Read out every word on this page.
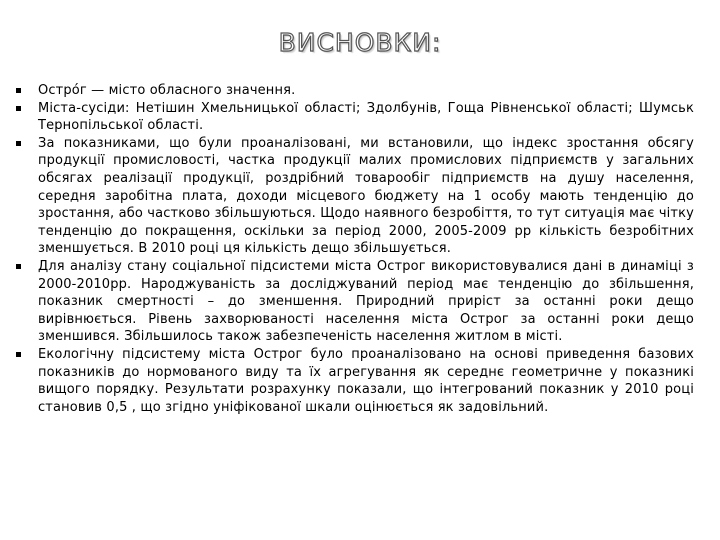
ВИСНОВКИ:
Остро́г — місто обласного значення.
Міста-сусіди: Нетішин Хмельницької області; Здолбунів, Гоща Рівненської області; Шумськ Тернопільської області.
За показниками, що були проаналізовані, ми встановили, що індекс зростання обсягу продукції промисловості, частка продукції малих промислових підприємств у загальних обсягах реалізації продукції, роздрібний товарообіг підприємств на душу населення, середня заробітна плата, доходи місцевого бюджету на 1 особу мають тенденцію до зростання, або частково збільшуються. Щодо наявного безробіття, то тут ситуація має чітку тенденцію до покращення, оскільки за період 2000, 2005-2009 рр кількість безробітних зменшується. В 2010 році ця кількість дещо збільшується.
Для аналізу стану соціальної підсистеми міста Острог використовувалися дані в динаміці з 2000-2010рр. Народжуваність за досліджуваний період має тенденцію до збільшення, показник смертності – до зменшення. Природний приріст за останні роки дещо вирівнюється. Рівень захворюваності населення міста Острог за останні роки дещо зменшився. Збільшилось також забезпеченість населення житлом в місті.
Екологічну підсистему міста Острог було проаналізовано на основі приведення базових показників до нормованого виду та їх агрегування як середнє геометричне у показникі вищого порядку. Результати розрахунку показали, що інтегрований показник у 2010 році становив 0,5 , що згідно уніфікованої шкали оцінюється як задовільний.
